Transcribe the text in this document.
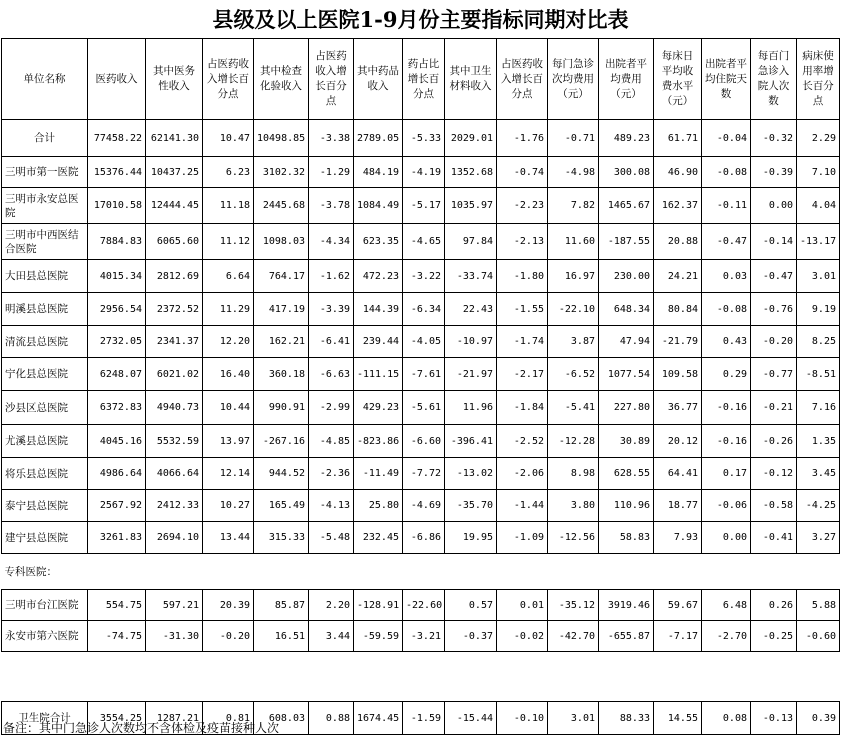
县级及以上医院1-9月份主要指标同期对比表
单位名称	医药收入	其中医务性收入	占医药收入增长百分点	其中检查化验收入	占医药收入增长百分点	其中药品收入	药占比增长百分点	其中卫生材料收入	占医药收入增长百分点	每门急诊次均费用（元）	出院者平均费用（元）	每床日平均收费水平（元）	出院者平均住院天数	每百门急诊入院人次数	病床使用率增长百分点
合计	77458.22	62141.30	10.47	10498.85	-3.38	2789.05	-5.33	2029.01	-1.76	-0.71	489.23	61.71	-0.04	-0.32	2.29
三明市第一医院	15376.44	10437.25	6.23	3102.32	-1.29	484.19	-4.19	1352.68	-0.74	-4.98	300.08	46.90	-0.08	-0.39	7.10
三明市永安总医院	17010.58	12444.45	11.18	2445.68	-3.78	1084.49	-5.17	1035.97	-2.23	7.82	1465.67	162.37	-0.11	0.00	4.04
三明市中西医结合医院	7884.83	6065.60	11.12	1098.03	-4.34	623.35	-4.65	97.84	-2.13	11.60	-187.55	20.88	-0.47	-0.14	-13.17
大田县总医院	4015.34	2812.69	6.64	764.17	-1.62	472.23	-3.22	-33.74	-1.80	16.97	230.00	24.21	0.03	-0.47	3.01
明溪县总医院	2956.54	2372.52	11.29	417.19	-3.39	144.39	-6.34	22.43	-1.55	-22.10	648.34	80.84	-0.08	-0.76	9.19
清流县总医院	2732.05	2341.37	12.20	162.21	-6.41	239.44	-4.05	-10.97	-1.74	3.87	47.94	-21.79	0.43	-0.20	8.25
宁化县总医院	6248.07	6021.02	16.40	360.18	-6.63	-111.15	-7.61	-21.97	-2.17	-6.52	1077.54	109.58	0.29	-0.77	-8.51
沙县区总医院	6372.83	4940.73	10.44	990.91	-2.99	429.23	-5.61	11.96	-1.84	-5.41	227.80	36.77	-0.16	-0.21	7.16
尤溪县总医院	4045.16	5532.59	13.97	-267.16	-4.85	-823.86	-6.60	-396.41	-2.52	-12.28	30.89	20.12	-0.16	-0.26	1.35
将乐县总医院	4986.64	4066.64	12.14	944.52	-2.36	-11.49	-7.72	-13.02	-2.06	8.98	628.55	64.41	0.17	-0.12	3.45
泰宁县总医院	2567.92	2412.33	10.27	165.49	-4.13	25.80	-4.69	-35.70	-1.44	3.80	110.96	18.77	-0.06	-0.58	-4.25
建宁县总医院	3261.83	2694.10	13.44	315.33	-5.48	232.45	-6.86	19.95	-1.09	-12.56	58.83	7.93	0.00	-0.41	3.27
专科医院：															
三明市台江医院	554.75	597.21	20.39	85.87	2.20	-128.91	-22.60	0.57	0.01	-35.12	3919.46	59.67	6.48	0.26	5.88
永安市第六医院	-74.75	-31.30	-0.20	16.51	3.44	-59.59	-3.21	-0.37	-0.02	-42.70	-655.87	-7.17	-2.70	-0.25	-0.60

卫生院合计	3554.25	1287.21	0.81	608.03	0.88	1674.45	-1.59	-15.44	-0.10	3.01	88.33	14.55	0.08	-0.13	0.39
备注：其中门急诊人次数均不含体检及疫苗接种人次
